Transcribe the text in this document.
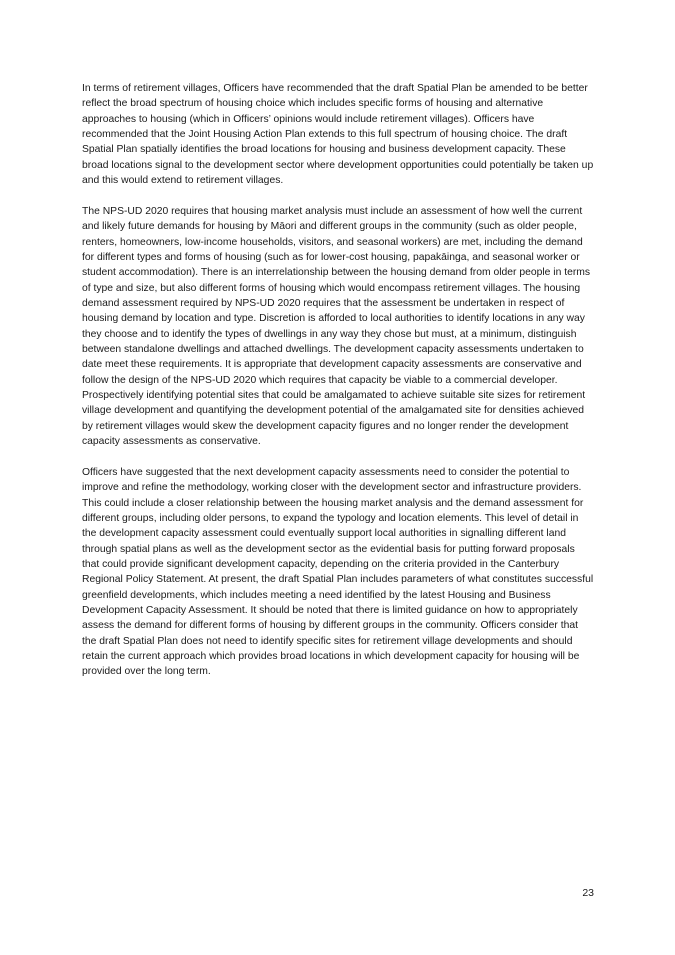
In terms of retirement villages, Officers have recommended that the draft Spatial Plan be amended to be better reflect the broad spectrum of housing choice which includes specific forms of housing and alternative approaches to housing (which in Officers’ opinions would include retirement villages). Officers have recommended that the Joint Housing Action Plan extends to this full spectrum of housing choice. The draft Spatial Plan spatially identifies the broad locations for housing and business development capacity. These broad locations signal to the development sector where development opportunities could potentially be taken up and this would extend to retirement villages.

The NPS-UD 2020 requires that housing market analysis must include an assessment of how well the current and likely future demands for housing by Māori and different groups in the community (such as older people, renters, homeowners, low-income households, visitors, and seasonal workers) are met, including the demand for different types and forms of housing (such as for lower-cost housing, papakāinga, and seasonal worker or student accommodation). There is an interrelationship between the housing demand from older people in terms of type and size, but also different forms of housing which would encompass retirement villages. The housing demand assessment required by NPS-UD 2020 requires that the assessment be undertaken in respect of housing demand by location and type. Discretion is afforded to local authorities to identify locations in any way they choose and to identify the types of dwellings in any way they chose but must, at a minimum, distinguish between standalone dwellings and attached dwellings. The development capacity assessments undertaken to date meet these requirements. It is appropriate that development capacity assessments are conservative and follow the design of the NPS-UD 2020 which requires that capacity be viable to a commercial developer. Prospectively identifying potential sites that could be amalgamated to achieve suitable site sizes for retirement village development and quantifying the development potential of the amalgamated site for densities achieved by retirement villages would skew the development capacity figures and no longer render the development capacity assessments as conservative.

Officers have suggested that the next development capacity assessments need to consider the potential to improve and refine the methodology, working closer with the development sector and infrastructure providers. This could include a closer relationship between the housing market analysis and the demand assessment for different groups, including older persons, to expand the typology and location elements. This level of detail in the development capacity assessment could eventually support local authorities in signalling different land through spatial plans as well as the development sector as the evidential basis for putting forward proposals that could provide significant development capacity, depending on the criteria provided in the Canterbury Regional Policy Statement. At present, the draft Spatial Plan includes parameters of what constitutes successful greenfield developments, which includes meeting a need identified by the latest Housing and Business Development Capacity Assessment. It should be noted that there is limited guidance on how to appropriately assess the demand for different forms of housing by different groups in the community. Officers consider that the draft Spatial Plan does not need to identify specific sites for retirement village developments and should retain the current approach which provides broad locations in which development capacity for housing will be provided over the long term.

23
